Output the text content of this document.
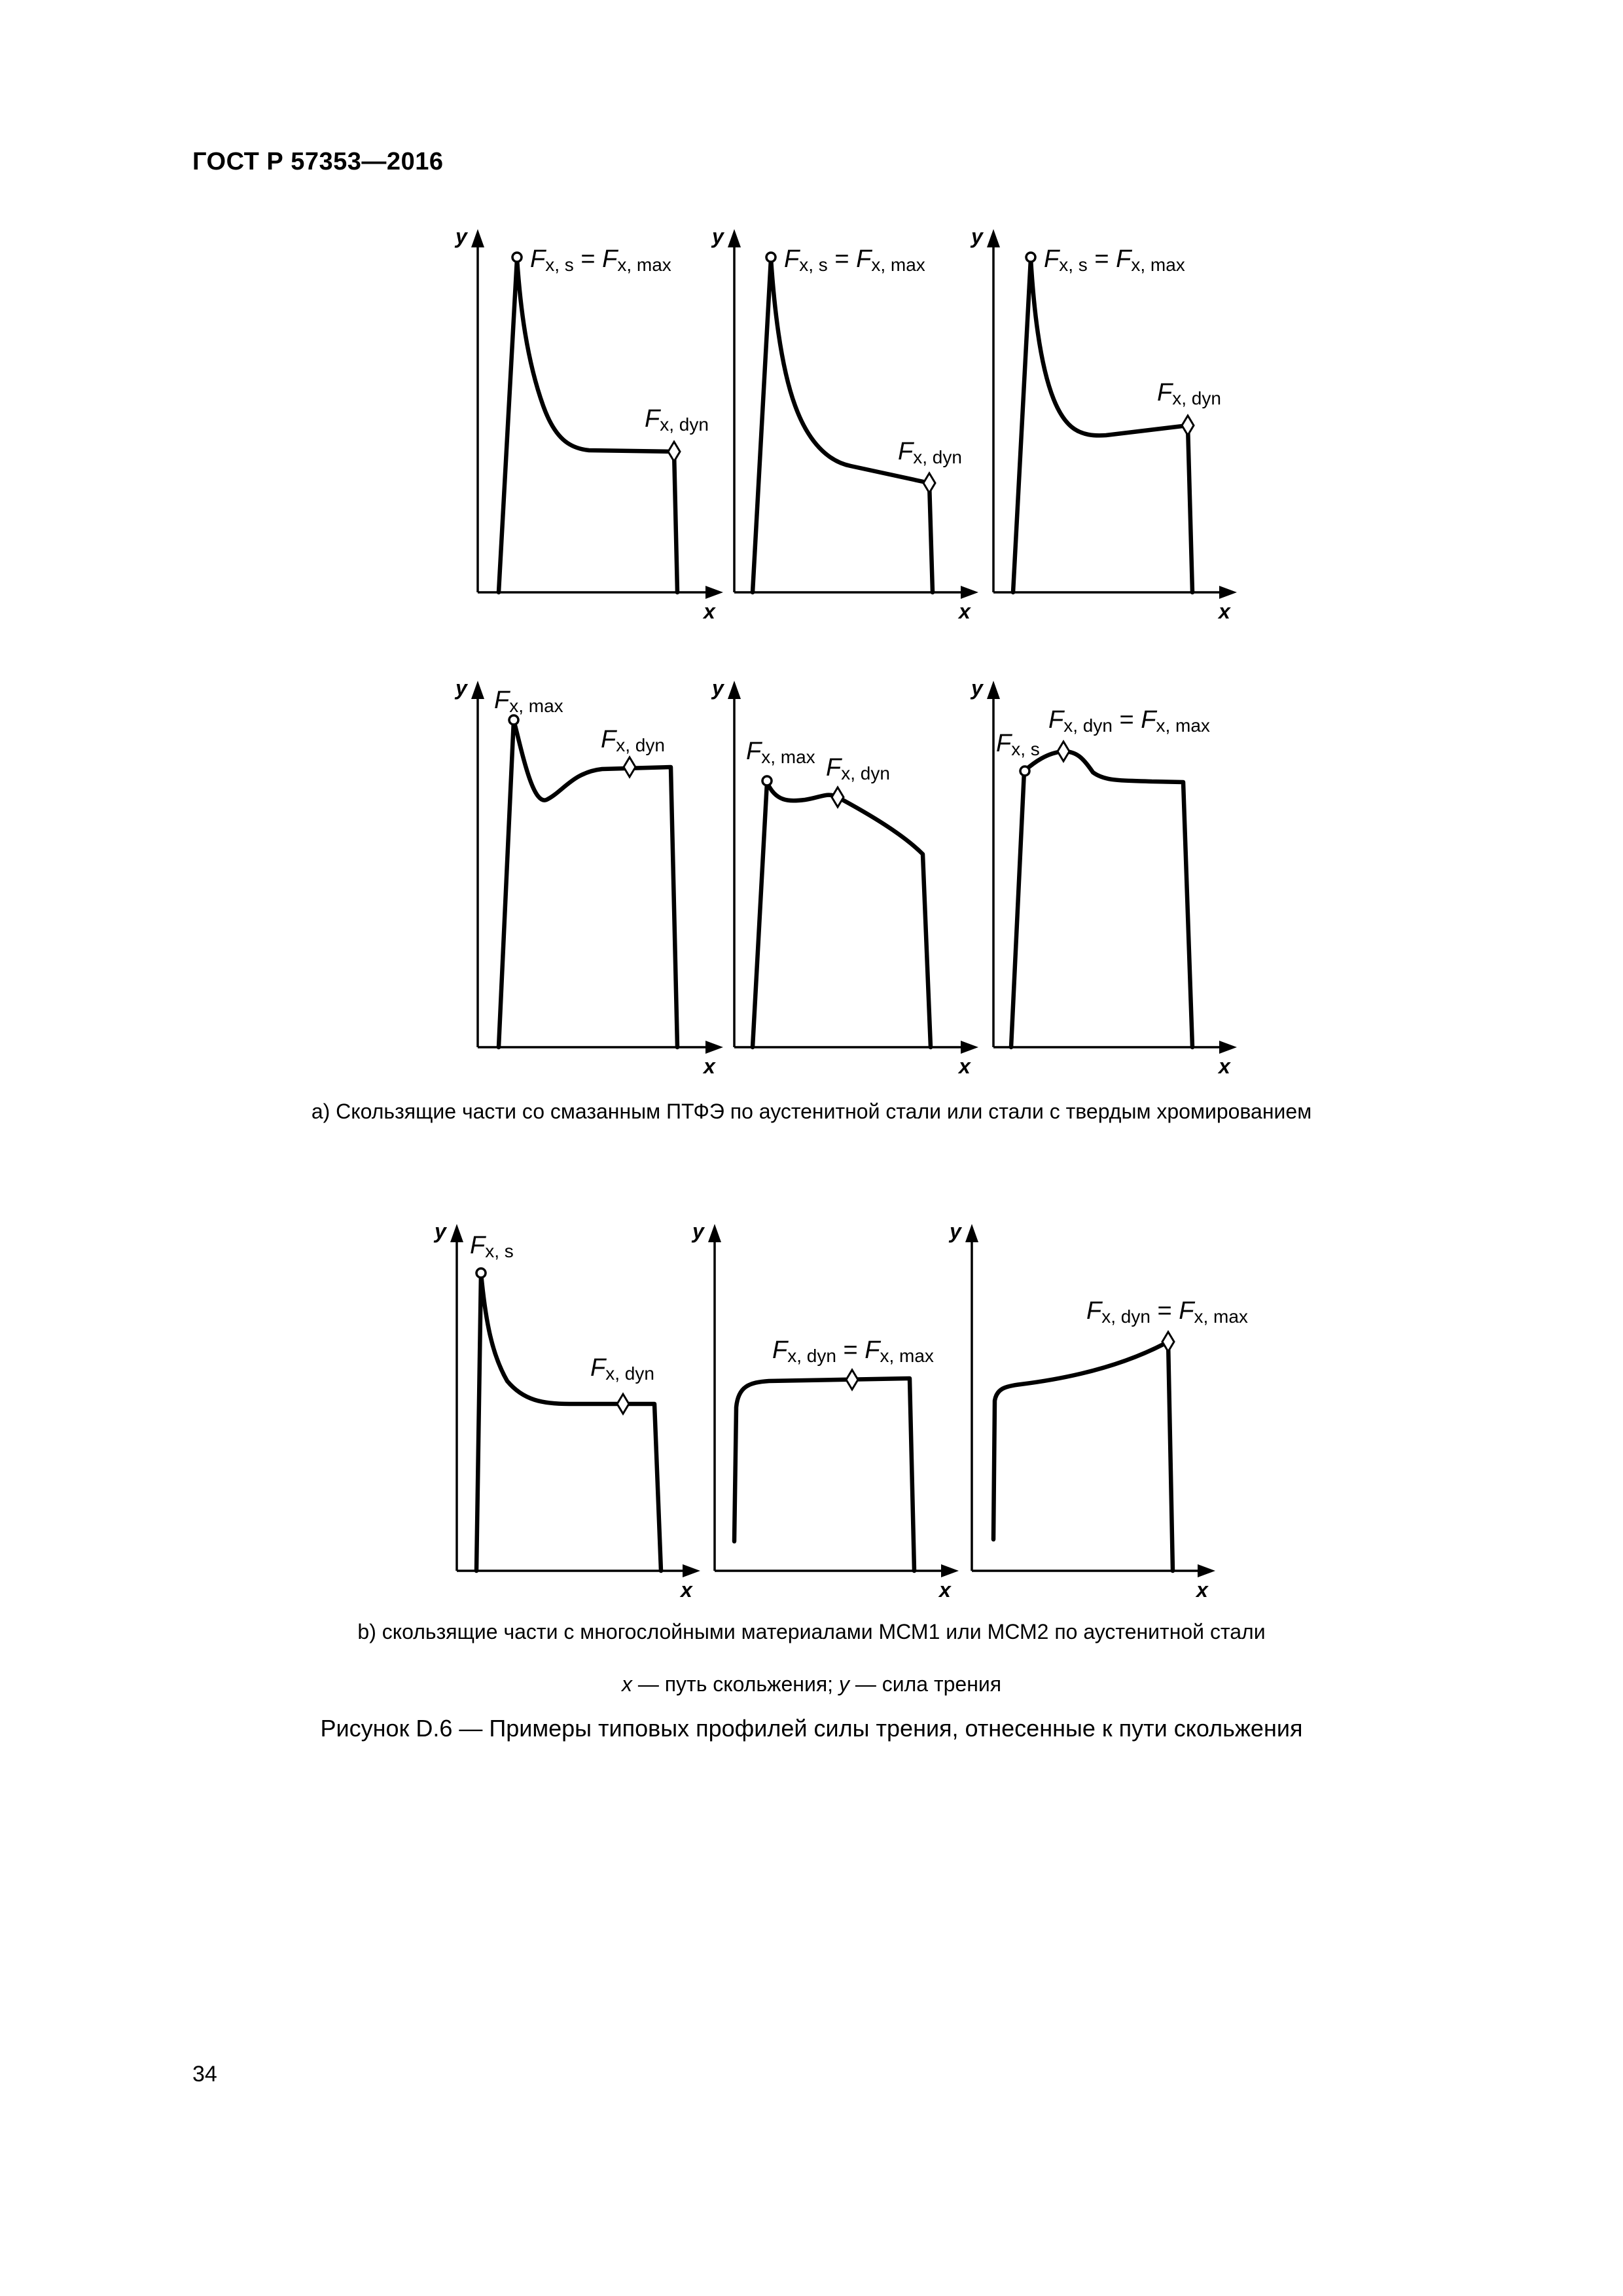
ГОСТ Р 57353—2016
y
x
Fx, s = Fx, max
Fx, dyn
y
x
Fx, s = Fx, max
Fx, dyn
y
x
Fx, s = Fx, max
Fx, dyn
y
x
Fx, max
Fx, dyn
y
x
Fx, max Fx, dyn
y
x
Fx, s
Fx, dyn = Fx, max
а) Скользящие части со смазанным ПТФЭ по аустенитной стали или стали с твердым хромированием
y
x
Fx, s
Fx, dyn
y
x
Fx, dyn = Fx, max
y
x
Fx, dyn = Fx, max
b) скользящие части с многослойными материалами МСМ1 или МСМ2 по аустенитной стали
x — путь скольжения; y — сила трения
Рисунок D.6 — Примеры типовых профилей силы трения, отнесенные к пути скольжения
34
